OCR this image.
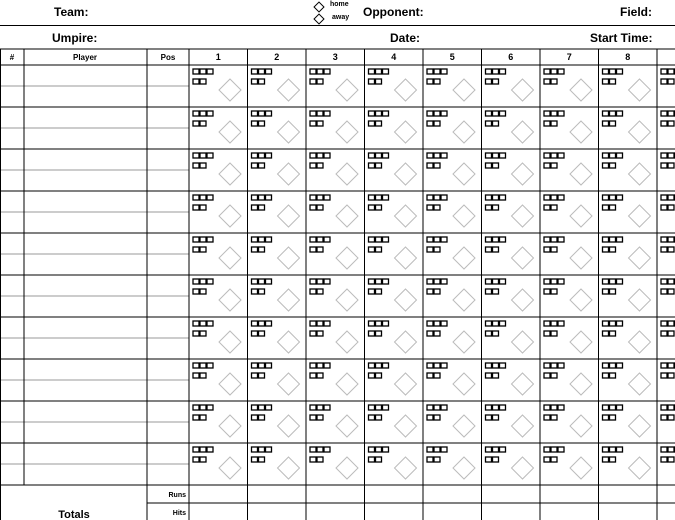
Team:
home
away Opponent:	Field:
Umpire:	Date:	Start Time:
#	Player	Pos	1	2	3	4	5	6	7	8
Totals
Runs
Hits
